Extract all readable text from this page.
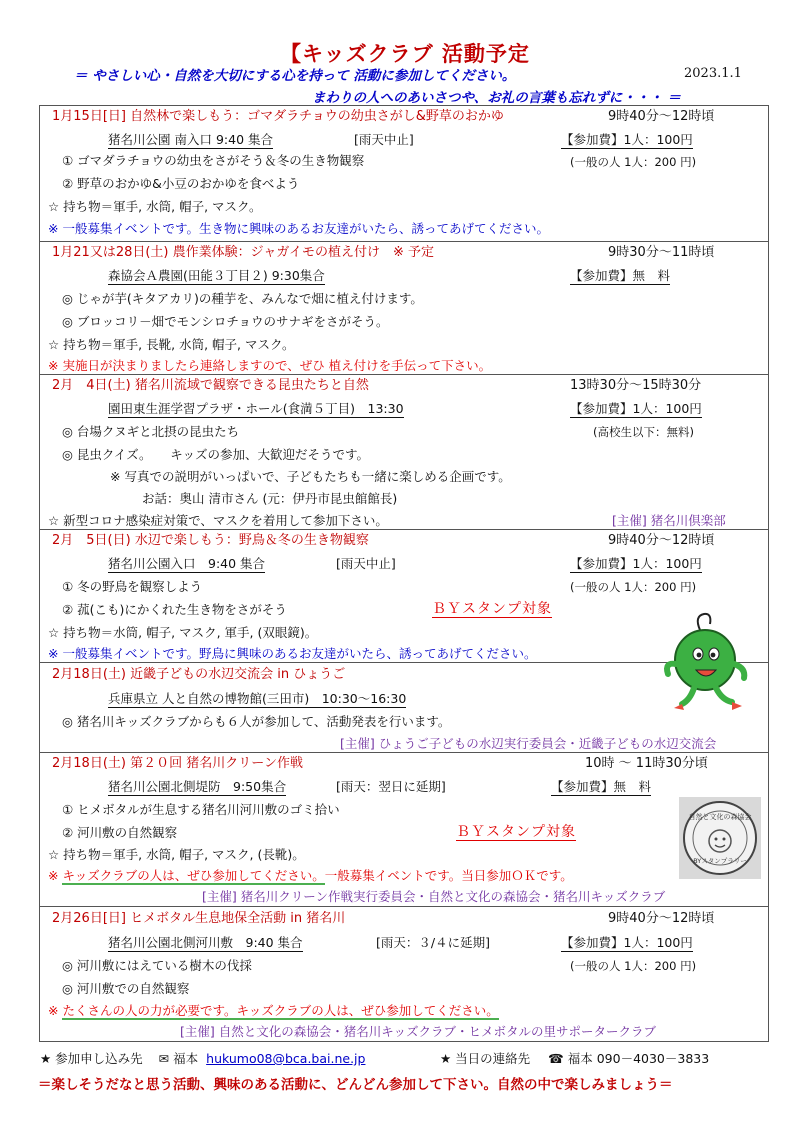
【キッズクラブ 活動予定
2023.1.1
＝ やさしい心・自然を大切にする心を持って 活動に参加してください。
まわりの人へのあいさつや、お礼の言葉も忘れずに・・・ ＝
1月15日[日] 自然林で楽しもう：ゴマダラチョウの幼虫さがし&野草のおかゆ	9時40分～12時頃
猪名川公園 南入口 9:40 集合	[雨天中止]	【参加費】1人：100円
① ゴマダラチョウの幼虫をさがそう＆冬の生き物観察	(一般の人 1人：200 円)
② 野草のおかゆ&小豆のおかゆを食べよう
☆ 持ち物＝軍手, 水筒, 帽子, マスク。
※ 一般募集イベントです。生き物に興味のあるお友達がいたら、誘ってあげてください。
1月21又は28日(土) 農作業体験：ジャガイモの植え付け　※ 予定	9時30分～11時頃
森協会Ａ農園(田能３丁目２) 9:30集合	【参加費】無　料
◎ じゃが芋(キタアカリ)の種芋を、みんなで畑に植え付けます。
◎ ブロッコリ－畑でモンシロチョウのサナギをさがそう。
☆ 持ち物＝軍手, 長靴, 水筒, 帽子, マスク。
※ 実施日が決まりましたら連絡しますので、ぜひ 植え付けを手伝って下さい。
2月　4日(土) 猪名川流域で観察できる昆虫たちと自然	13時30分～15時30分
園田東生涯学習プラザ・ホール(食満５丁目)　13:30	【参加費】1人：100円
◎ 台場クヌギと北摂の昆虫たち	(高校生以下：無料)
◎ 昆虫クイズ。　　キッズの参加、大歓迎だそうです。
※ 写真での説明がいっぱいで、子どもたちも一緒に楽しめる企画です。
お話：奥山 清市さん (元：伊丹市昆虫館館長)
☆ 新型コロナ感染症対策で、マスクを着用して参加下さい。	[主催] 猪名川倶楽部
2月　5日(日) 水辺で楽しもう：野鳥＆冬の生き物観察	9時40分～12時頃
猪名川公園入口　9:40 集合	[雨天中止]	【参加費】1人：100円
① 冬の野鳥を観察しよう	(一般の人 1人：200 円)
② 菰(こも)にかくれた生き物をさがそう	ＢＹスタンプ対象
☆ 持ち物＝水筒, 帽子, マスク, 軍手, (双眼鏡)。
※ 一般募集イベントです。野鳥に興味のあるお友達がいたら、誘ってあげてください。
2月18日(土) 近畿子どもの水辺交流会 in ひょうご
兵庫県立 人と自然の博物館(三田市)　10:30～16:30
◎ 猪名川キッズクラブからも６人が参加して、活動発表を行います。
[主催] ひょうご子どもの水辺実行委員会・近畿子どもの水辺交流会
2月18日(土) 第２０回 猪名川クリーン作戦	10時 ～ 11時30分頃
猪名川公園北側堤防　9:50集合	[雨天：翌日に延期]	【参加費】無　料
① ヒメボタルが生息する猪名川河川敷のゴミ拾い
② 河川敷の自然観察	ＢＹスタンプ対象
☆ 持ち物＝軍手, 水筒, 帽子, マスク, (長靴)。
※ キッズクラブの人は、ぜひ参加してください。一般募集イベントです。当日参加ＯＫです。
[主催] 猪名川クリーン作戦実行委員会・自然と文化の森協会・猪名川キッズクラブ
2月26日[日] ヒメボタル生息地保全活動 in 猪名川	9時40分～12時頃
猪名川公園北側河川敷　9:40 集合	[雨天：３/４に延期]	【参加費】1人：100円
◎ 河川敷にはえている樹木の伐採	(一般の人 1人：200 円)
◎ 河川敷での自然観察
※ たくさんの人の力が必要です。キッズクラブの人は、ぜひ参加してください。
[主催] 自然と文化の森協会・猪名川キッズクラブ・ヒメボタルの里サポータークラブ
自然と文化の森協会
BYスタンプラリー
★ 参加申し込み先 ✉ 福本 hukumo08@bca.bai.ne.jp	★ 当日の連絡先 ☎ 福本 090－4030－3833
＝楽しそうだなと思う活動、興味のある活動に、どんどん参加して下さい。自然の中で楽しみましょう＝
